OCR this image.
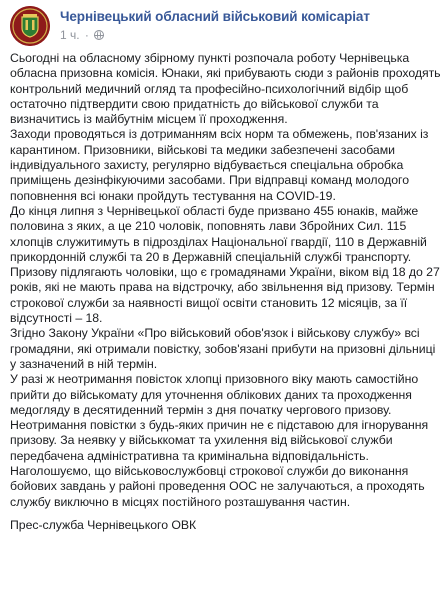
Чернівецький обласний військовий комісаріат
1 ч. ·

Сьогодні на обласному збірному пункті розпочала роботу Чернівецька обласна призовна комісія. Юнаки, які прибувають сюди з районів проходять контрольний медичний огляд та професійно-психологічний відбір щоб остаточно підтвердити свою придатність до військової служби та визначитись із майбутнім місцем її проходження.

Заходи проводяться із дотриманням всіх норм та обмежень, пов'язаних із карантином. Призовники, військові та медики забезпечені засобами індивідуального захисту, регулярно відбувається спеціальна обробка приміщень дезінфікуючими засобами. При відправці команд молодого поповнення всі юнаки пройдуть тестування на COVID-19.

До кінця липня з Чернівецької області буде призвано 455 юнаків, майже половина з яких, а це 210 чоловік, поповнять лави Збройних Сил. 115 хлопців служитимуть в підрозділах Національної гвардії, 110 в Державній прикордонній службі та 20 в Державній спеціальній службі транспорту.

Призову підлягають чоловіки, що є громадянами України, віком від 18 до 27 років, які не мають права на відстрочку, або звільнення від призову. Термін строкової служби за наявності вищої освіти становить 12 місяців, за її відсутності – 18.

Згідно Закону України «Про військовий обов'язок і військову службу» всі громадяни, які отримали повістку, зобов'язані прибути на призовні дільниці у зазначений в ній термін.

У разі ж неотримання повісток хлопці призовного віку мають самостійно прийти до військомату для уточнення облікових даних та проходження медогляду в десятиденний термін з дня початку чергового призову. Неотримання повістки з будь-яких причин не є підставою для ігнорування призову. За неявку у військкомат та ухилення від військової служби передбачена адміністративна та кримінальна відповідальність. Наголошуємо, що військовослужбовці строкової служби до виконання бойових завдань у районі проведення ООС не залучаються, а проходять службу виключно в місцях постійного розташування частин.

Прес-служба Чернівецького ОВК
